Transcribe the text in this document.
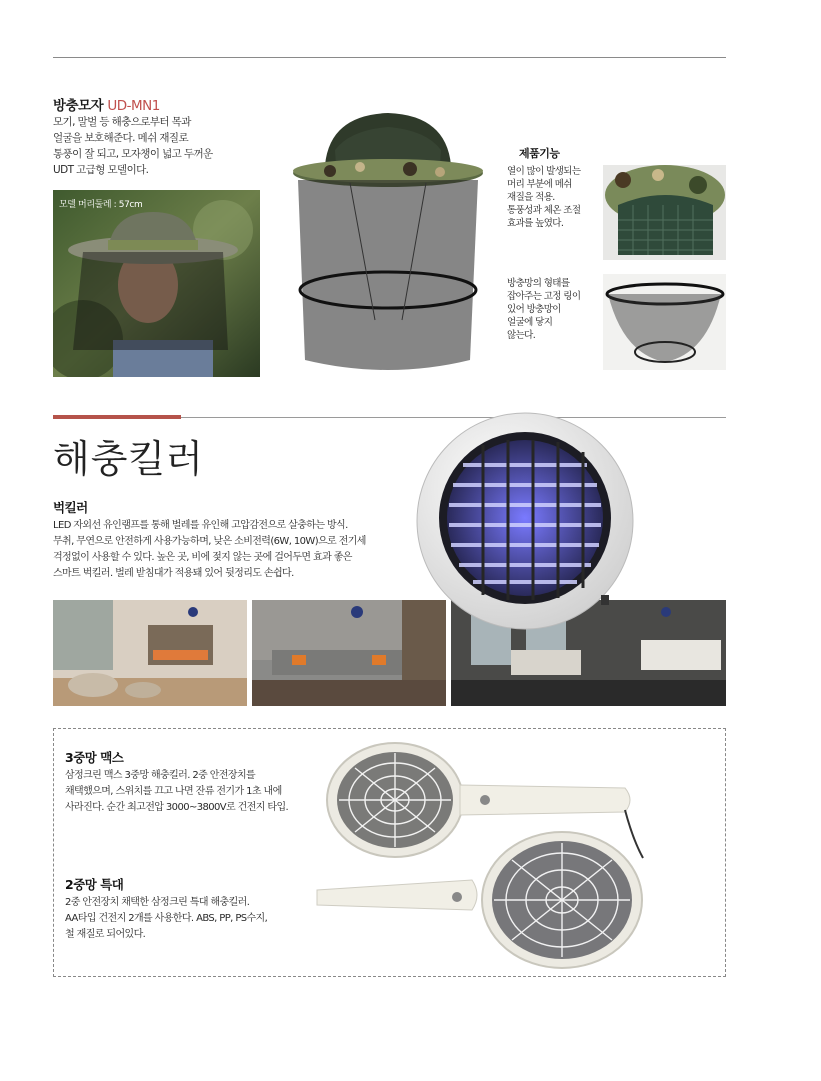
방충모자 UD-MN1
모기, 말벌 등 해충으로부터 목과
얼굴을 보호해준다. 메쉬 재질로
통풍이 잘 되고, 모자챙이 넓고 두꺼운
UDT 고급형 모델이다.
모델 머리둘레 : 57cm
제품기능
열이 많이 발생되는
머리 부분에 메쉬
재질을 적용.
통풍성과 체온 조절
효과를 높였다.
방충망의 형태를
잡아주는 고정 링이
있어 방충망이
얼굴에 닿지
않는다.
해충킬러
벅킬러
LED 자외선 유인램프를 통해 벌레를 유인해 고압감전으로 살충하는 방식.
무취, 무연으로 안전하게 사용가능하며, 낮은 소비전력(6W, 10W)으로 전기세
걱정없이 사용할 수 있다. 높은 곳, 비에 젖지 않는 곳에 걸어두면 효과 좋은
스마트 벅킬러. 벌레 받침대가 적용돼 있어 뒷정리도 손쉽다.
3중망 맥스
삼정크린 맥스 3중망 해충킬러. 2중 안전장치를
채택했으며, 스위치를 끄고 나면 잔류 전기가 1초 내에
사라진다. 순간 최고전압 3000~3800V로 건전지 타입.
2중망 특대
2중 안전장치 채택한 삼정크린 특대 해충킬러.
AA타입 건전지 2개를 사용한다. ABS, PP, PS수지,
철 재질로 되어있다.
